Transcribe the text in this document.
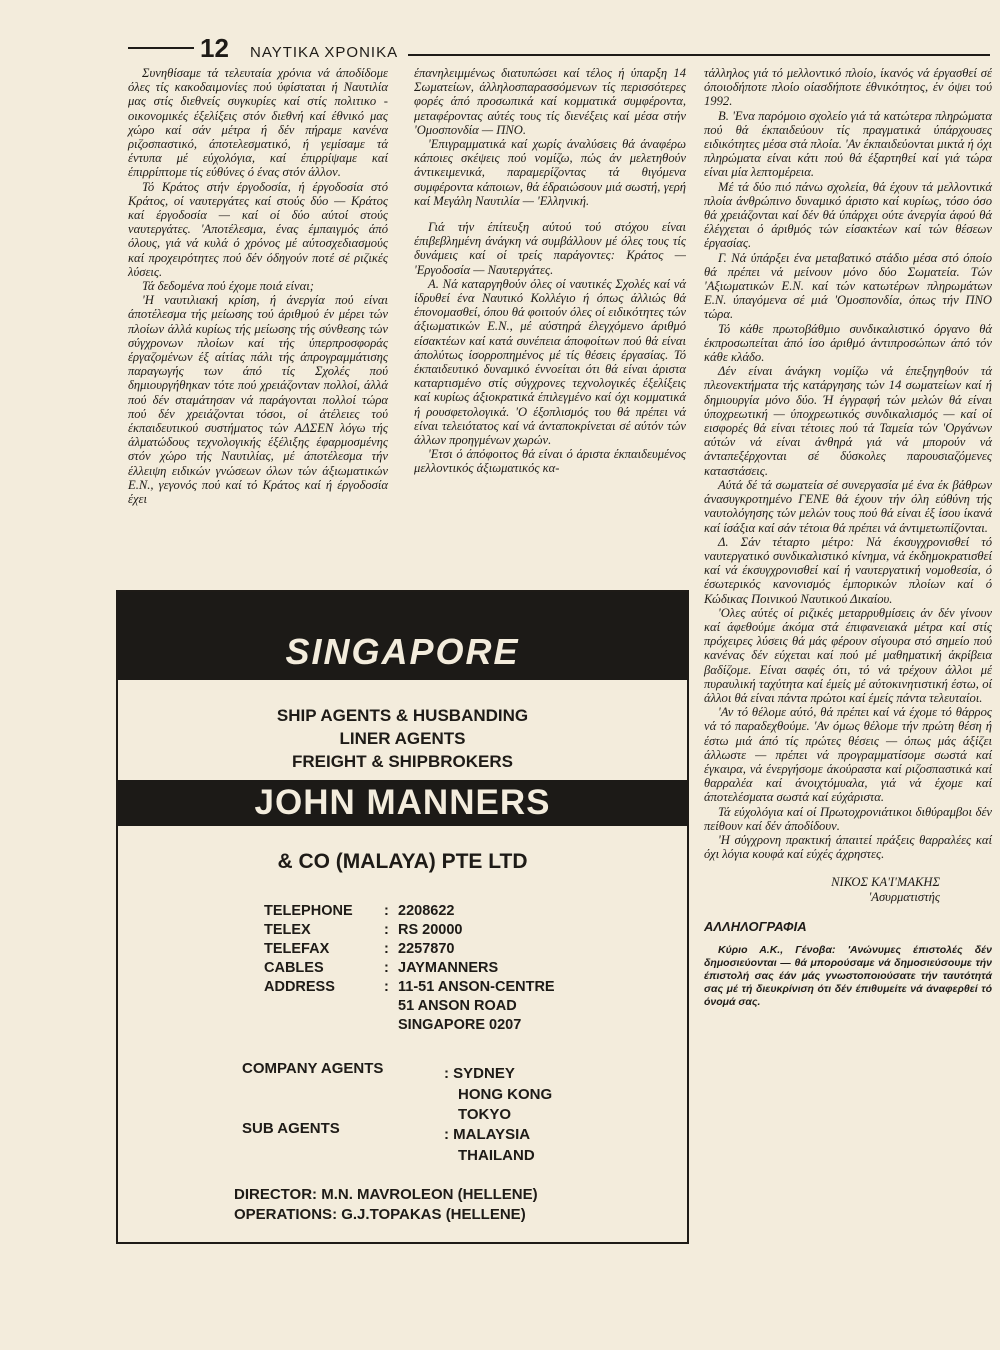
12 ΝΑΥΤΙΚΑ ΧΡΟΝΙΚΑ

Συνηθίσαμε τά τελευταία χρόνια νά άποδίδομε όλες τίς κακοδαιμονίες πού ύφίσταται ή Ναυτιλία μας στίς διεθνείς συγκυρίες καί στίς πολιτικο - οικονομικές έξελίξεις στόν διεθνή καί έθνικό μας χώρο καί σάν μέτρα ή δέν πήραμε κανένα ριζοσπαστικό, άποτελεσματικό, ή γεμίσαμε τά έντυπα μέ εύχολόγια, καί έπιρρίψαμε καί έπιρρίπτομε τίς εύθύνες ό ένας στόν άλλον.

Τό Κράτος στήν έργοδοσία, ή έργοδοσία στό Κράτος, οί ναυτεργάτες καί στούς δύο — Κράτος καί έργοδοσία — καί οί δύο αύτοί στούς ναυτεργάτες. 'Αποτέλεσμα, ένας έμπαιγμός άπό όλους, γιά νά κυλά ό χρόνος μέ αύτοσχεδιασμούς καί προχειρότητες πού δέν όδηγούν ποτέ σέ ριζικές λύσεις.

Τά δεδομένα πού έχομε ποιά είναι;

'Η ναυτιλιακή κρίση, ή άνεργία πού είναι άποτέλεσμα τής μείωσης τού άριθμού έν μέρει τών πλοίων άλλά κυρίως τής μείωσης τής σύνθεσης τών σύγχρονων πλοίων καί τής ύπερπροσφοράς έργαζομένων έξ αίτίας πάλι τής άπρογραμμάτισης παραγωγής των άπό τίς Σχολές πού δημιουργήθηκαν τότε πού χρειάζονταν πολλοί, άλλά πού δέν σταμάτησαν νά παράγονται πολλοί τώρα πού δέν χρειάζονται τόσοι, οί άτέλειες τού έκπαιδευτικού συστήματος τών ΑΔΣΕΝ λόγω τής άλματώδους τεχνολογικής έξέλιξης έφαρμοσμένης στόν χώρο τής Ναυτιλίας, μέ άποτέλεσμα τήν έλλειψη ειδικών γνώσεων όλων τών άξιωματικών Ε.Ν., γεγονός πού καί τό Κράτος καί ή έργοδοσία έχει

έπανηλειμμένως διατυπώσει καί τέλος ή ύπαρξη 14 Σωματείων, άλληλοσπαρασσόμενων τίς περισσότερες φορές άπό προσωπικά καί κομματικά συμφέροντα, μεταφέροντας αύτές τους τίς διενέξεις καί μέσα στήν 'Ομοσπονδία — ΠΝΟ.

'Επιγραμματικά καί χωρίς άναλύσεις θά άναφέρω κάποιες σκέψεις πού νομίζω, πώς άν μελετηθούν άντικειμενικά, παραμερίζοντας τά θιγόμενα συμφέροντα κάποιων, θά έδραιώσουν μιά σωστή, γερή καί Μεγάλη Ναυτιλία — 'Ελληνική.

Γιά τήν έπίτευξη αύτού τού στόχου είναι έπιβεβλημένη άνάγκη νά συμβάλλουν μέ όλες τους τίς δυνάμεις καί οί τρείς παράγοντες: Κράτος — 'Εργοδοσία — Ναυτεργάτες.

Α. Νά καταργηθούν όλες οί ναυτικές Σχολές καί νά ίδρυθεί ένα Ναυτικό Κολλέγιο ή όπως άλλιώς θά έπονομασθεί, όπου θά φοιτούν όλες οί ειδικότητες τών άξιωματικών Ε.Ν., μέ αύστηρά έλεγχόμενο άριθμό είσακτέων καί κατά συνέπεια άποφοίτων πού θά είναι άπολύτως ίσορροπημένος μέ τίς θέσεις έργασίας. Τό έκπαιδευτικό δυναμικό έννοείται ότι θά είναι άριστα καταρτισμένο στίς σύγχρονες τεχνολογικές έξελίξεις καί κυρίως άξιοκρατικά έπιλεγμένο καί όχι κομματικά ή ρουσφετολογικά. 'Ο έξοπλισμός του θά πρέπει νά είναι τελειότατος καί νά άνταποκρίνεται σέ αύτόν τών άλλων προηγμένων χωρών.

'Ετσι ό άπόφοιτος θά είναι ό άριστα έκπαιδευμένος μελλοντικός άξιωματικός κα-

τάλληλος γιά τό μελλοντικό πλοίο, ίκανός νά έργασθεί σέ όποιοδήποτε πλοίο οίασδήποτε έθνικότητος, έν όψει τού 1992.

Β. 'Ενα παρόμοιο σχολείο γιά τά κατώτερα πληρώματα πού θά έκπαιδεύουν τίς πραγματικά ύπάρχουσες ειδικότητες μέσα στά πλοία. 'Αν έκπαιδεύονται μικτά ή όχι πληρώματα είναι κάτι πού θά έξαρτηθεί καί γιά τώρα είναι μία λεπτομέρεια.

Μέ τά δύο πιό πάνω σχολεία, θά έχουν τά μελλοντικά πλοία άνθρώπινο δυναμικό άριστο καί κυρίως, τόσο όσο θά χρειάζονται καί δέν θά ύπάρχει ούτε άνεργία άφού θά έλέγχεται ό άριθμός τών είσακτέων καί τών θέσεων έργασίας.

Γ. Νά ύπάρξει ένα μεταβατικό στάδιο μέσα στό όποίο θά πρέπει νά μείνουν μόνο δύο Σωματεία. Τών 'Αξιωματικών Ε.Ν. καί τών κατωτέρων πληρωμάτων Ε.Ν. ύπαγόμενα σέ μιά 'Ομοσπονδία, όπως τήν ΠΝΟ τώρα.

Τό κάθε πρωτοβάθμιο συνδικαλιστικό όργανο θά έκπροσωπείται άπό ίσο άριθμό άντιπροσώπων άπό τόν κάθε κλάδο.

Δέν είναι άνάγκη νομίζω νά έπεξηγηθούν τά πλεονεκτήματα τής κατάργησης τών 14 σωματείων καί ή δημιουργία μόνο δύο. Ή έγγραφή τών μελών θά είναι ύποχρεωτική — ύποχρεωτικός συνδικαλισμός — καί οί εισφορές θά είναι τέτοιες πού τά Ταμεία τών 'Οργάνων αύτών νά είναι άνθηρά γιά νά μπορούν νά άνταπεξέρχονται σέ δύσκολες παρουσιαζόμενες καταστάσεις.

Αύτά δέ τά σωματεία σέ συνεργασία μέ ένα έκ βάθρων άνασυγκροτημένο ΓΕΝΕ θά έχουν τήν όλη εύθύνη τής ναυτολόγησης τών μελών τους πού θά είναι έξ ίσου ίκανά καί ίσάξια καί σάν τέτοια θά πρέπει νά άντιμετωπίζονται.

Δ. Σάν τέταρτο μέτρο: Νά έκσυγχρονισθεί τό ναυτεργατικό συνδικαλιστικό κίνημα, νά έκδημοκρατισθεί καί νά έκσυγχρονισθεί καί ή ναυτεργατική νομοθεσία, ό έσωτερικός κανονισμός έμπορικών πλοίων καί ό Κώδικας Ποινικού Ναυτικού Δικαίου.

'Ολες αύτές οί ριζικές μεταρρυθμίσεις άν δέν γίνουν καί άφεθούμε άκόμα στά έπιφανειακά μέτρα καί στίς πρόχειρες λύσεις θά μάς φέρουν σίγουρα στό σημείο πού κανένας δέν εύχεται καί πού μέ μαθηματική άκρίβεια βαδίζομε. Είναι σαφές ότι, τό νά τρέχουν άλλοι μέ πυραυλική ταχύτητα καί έμείς μέ αύτοκινητιστική έστω, οί άλλοι θά είναι πάντα πρώτοι καί έμείς πάντα τελευταίοι.

'Αν τό θέλομε αύτό, θά πρέπει καί νά έχομε τό θάρρος νά τό παραδεχθούμε. 'Αν όμως θέλομε τήν πρώτη θέση ή έστω μιά άπό τίς πρώτες θέσεις — όπως μάς άξίζει άλλωστε — πρέπει νά προγραμματίσομε σωστά καί έγκαιρα, νά ένεργήσομε άκούραστα καί ριζοσπαστικά καί θαρραλέα καί άνοιχτόμυαλα, γιά νά έχομε καί άποτελέσματα σωστά καί εύχάριστα.

Τά εύχολόγια καί οί Πρωτοχρονιάτικοι διθύραμβοι δέν πείθουν καί δέν άποδίδουν.

'Η σύγχρονη πρακτική άπαιτεί πράξεις θαρραλέες καί όχι λόγια κουφά καί εύχές άχρηστες.

ΝΙΚΟΣ ΚΑ'Ι'ΜΑΚΗΣ

'Ασυρματιστής

ΑΛΛΗΛΟΓΡΑΦΙΑ

Κύριο Α.Κ., Γένοβα: 'Ανώνυμες έπιστολές δέν δημοσιεύονται — θά μπορούσαμε νά δημοσιεύσουμε τήν έπιστολή σας έάν μάς γνωστοποιούσατε τήν ταυτότητά σας μέ τή διευκρίνιση ότι δέν έπιθυμείτε νά άναφερθεί τό όνομά σας.

SINGAPORE
SHIP AGENTS & HUSBANDING
LINER AGENTS
FREIGHT & SHIPBROKERS
JOHN MANNERS
& CO (MALAYA) PTE LTD
TELEPHONE : 2208622
TELEX	: RS 20000
TELEFAX	: 2257870
CABLES	: JAYMANNERS
ADDRESS	: 11-51 ANSON-CENTRE
51 ANSON ROAD
SINGAPORE 0207
COMPANY AGENTS	: SYDNEY
HONG KONG
TOKYO
SUB AGENTS	: MALAYSIA
THAILAND
DIRECTOR: M.N. MAVROLEON (HELLENE)
OPERATIONS: G.J.TOPAKAS (HELLENE)
